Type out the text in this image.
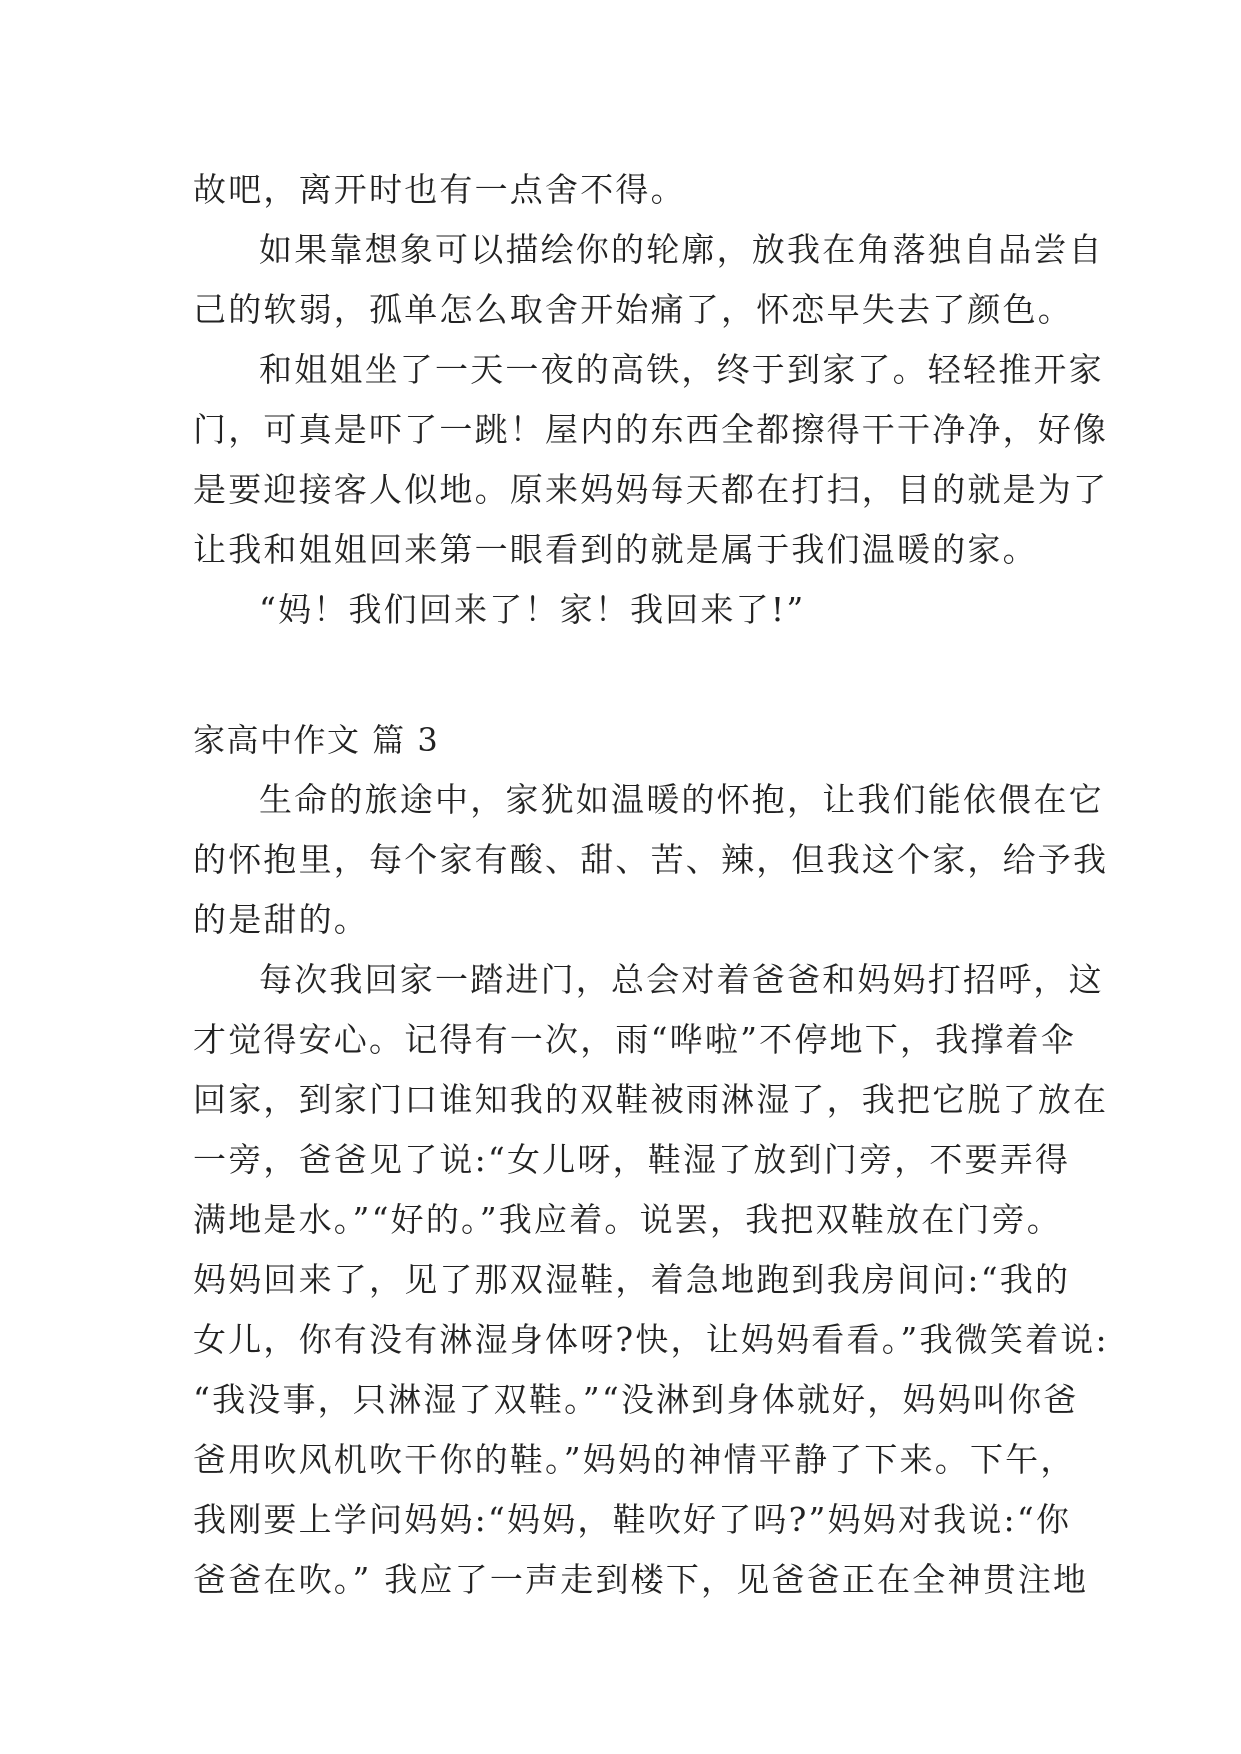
故吧，离开时也有一点舍不得。
如果靠想象可以描绘你的轮廓，放我在角落独自品尝自
己的软弱，孤单怎么取舍开始痛了，怀恋早失去了颜色。
和姐姐坐了一天一夜的高铁，终于到家了。轻轻推开家
门，可真是吓了一跳！屋内的东西全都擦得干干净净，好像
是要迎接客人似地。原来妈妈每天都在打扫，目的就是为了
让我和姐姐回来第一眼看到的就是属于我们温暖的家。
“妈！我们回来了！家！我回来了!”
家高中作文 篇 3
生命的旅途中，家犹如温暖的怀抱，让我们能依偎在它
的怀抱里，每个家有酸、甜、苦、辣，但我这个家，给予我
的是甜的。
每次我回家一踏进门，总会对着爸爸和妈妈打招呼，这
才觉得安心。记得有一次，雨“哗啦”不停地下，我撑着伞
回家，到家门口谁知我的双鞋被雨淋湿了，我把它脱了放在
一旁，爸爸见了说:“女儿呀，鞋湿了放到门旁，不要弄得
满地是水。”“好的。”我应着。说罢，我把双鞋放在门旁。
妈妈回来了，见了那双湿鞋，着急地跑到我房间问:“我的
女儿，你有没有淋湿身体呀?快，让妈妈看看。”我微笑着说:
“我没事，只淋湿了双鞋。”“没淋到身体就好，妈妈叫你爸
爸用吹风机吹干你的鞋。”妈妈的神情平静了下来。下午，
我刚要上学问妈妈:“妈妈，鞋吹好了吗?”妈妈对我说:“你
爸爸在吹。” 我应了一声走到楼下，见爸爸正在全神贯注地
